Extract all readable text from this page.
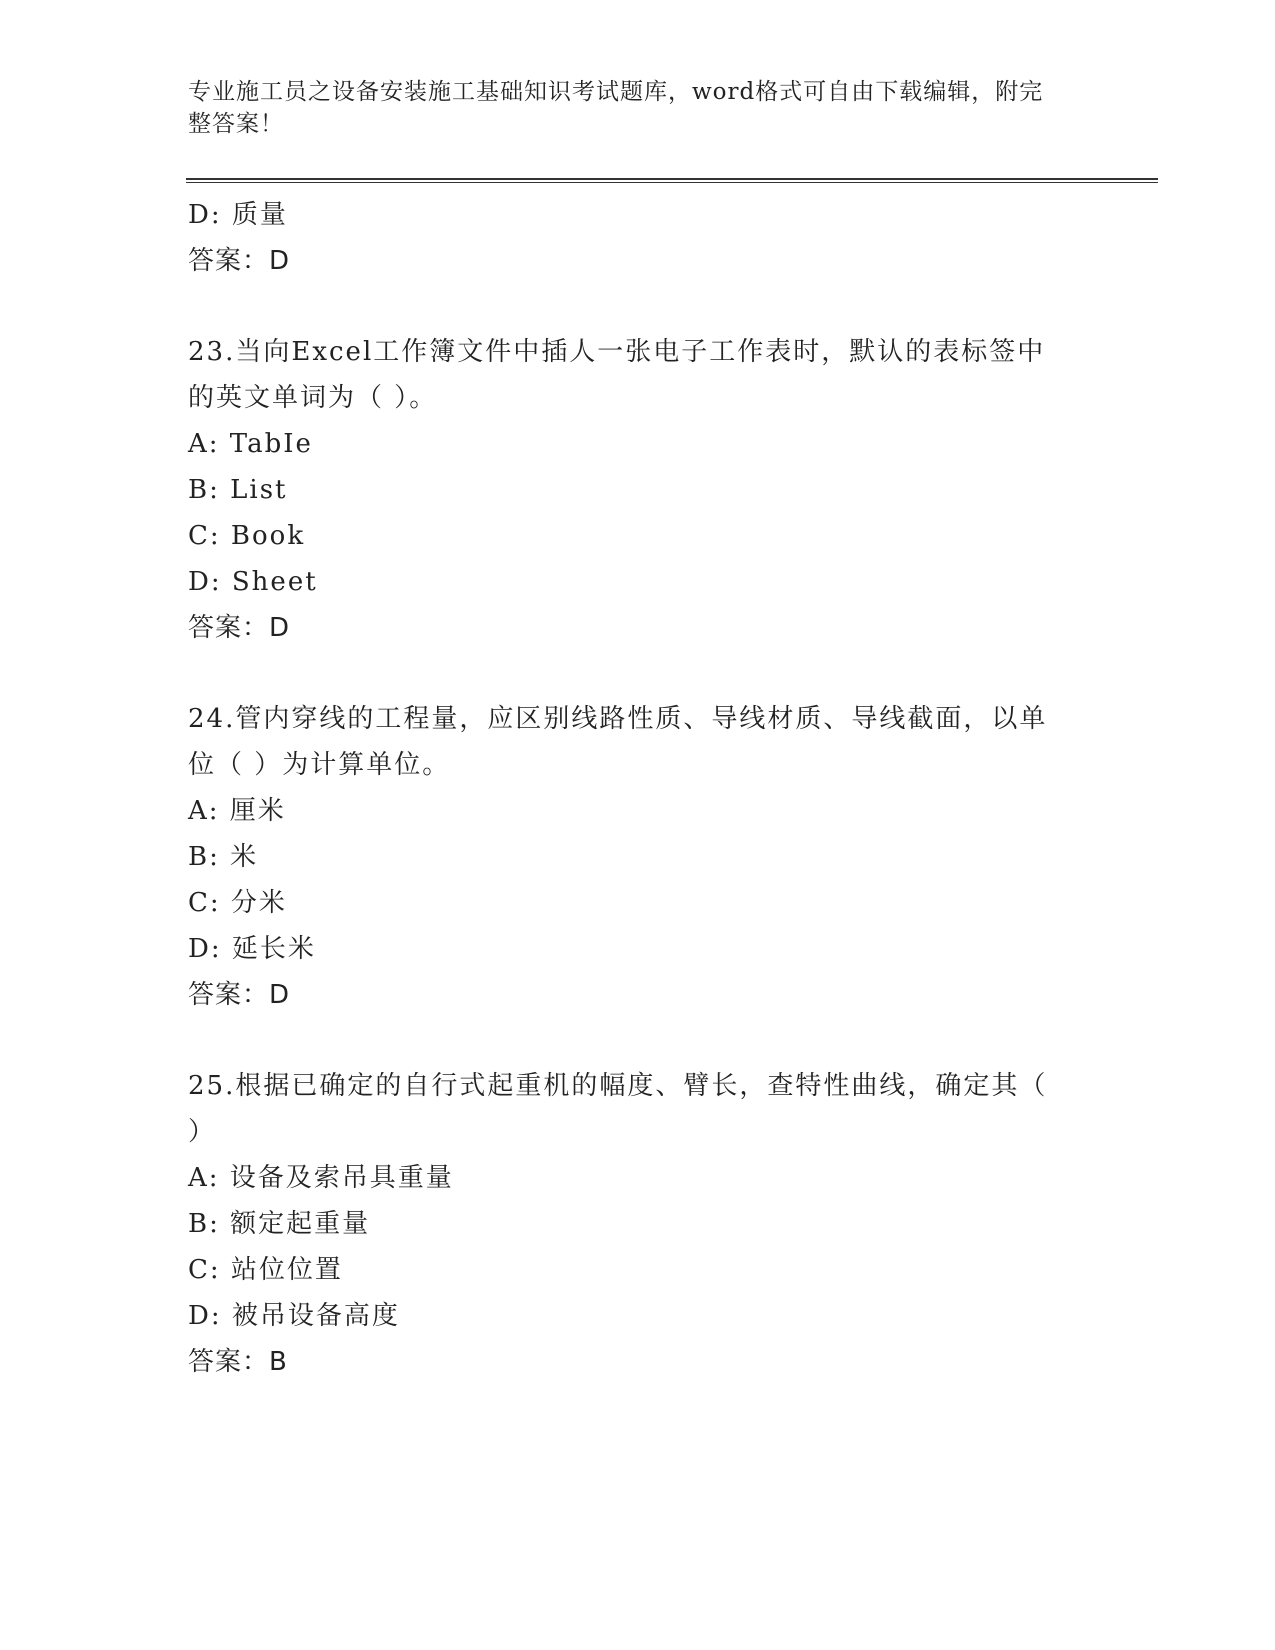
专业施工员之设备安装施工基础知识考试题库，word格式可自由下载编辑，附完
整答案！
D: 质量
答案：D
23.当向Excel工作簿文件中插人一张电子工作表时，默认的表标签中
的英文单词为（ ）。
A: TabIe
B: List
C: Book
D: Sheet
答案：D
24.管内穿线的工程量，应区别线路性质、导线材质、导线截面，以单
位（ ）为计算单位。
A: 厘米
B: 米
C: 分米
D: 延长米
答案：D
25.根据已确定的自行式起重机的幅度、臂长，查特性曲线，确定其（
）
A: 设备及索吊具重量
B: 额定起重量
C: 站位位置
D: 被吊设备高度
答案：B
